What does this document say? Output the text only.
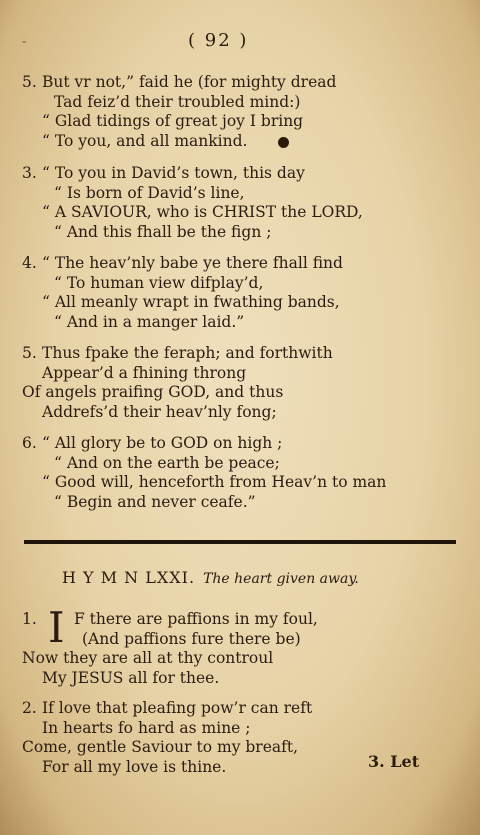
˗	( 92 )
5. But vr not,” faid he (for mighty dread
Tad feiz’d their troubled mind:)
“ Glad tidings of great joy I bring
“ To you, and all mankind.
3. “ To you in David’s town, this day
“ Is born of David’s line,
“ A SAVIOUR, who is CHRIST the LORD,
“ And this fhall be the fign ;
4. “ The heav’nly babe ye there fhall find
“ To human view difplay’d,
“ All meanly wrapt in fwathing bands,
“ And in a manger laid.”
5. Thus fpake the feraph; and forthwith
Appear’d a fhining throng
Of angels praifing GOD, and thus
Addrefs’d their heav’nly fong;
6. “ All glory be to GOD on high ;
“ And on the earth be peace;
“ Good will, henceforth from Heav’n to man
“ Begin and never ceafe.”
H Y M N LXXI. The heart given away.
I
1. F there are paffions in my foul,
(And paffions fure there be)
Now they are all at thy controul
My JESUS all for thee.
2. If love that pleafing pow’r can reft
In hearts fo hard as mine ;
Come, gentle Saviour to my breaft,
For all my love is thine.	3. Let
